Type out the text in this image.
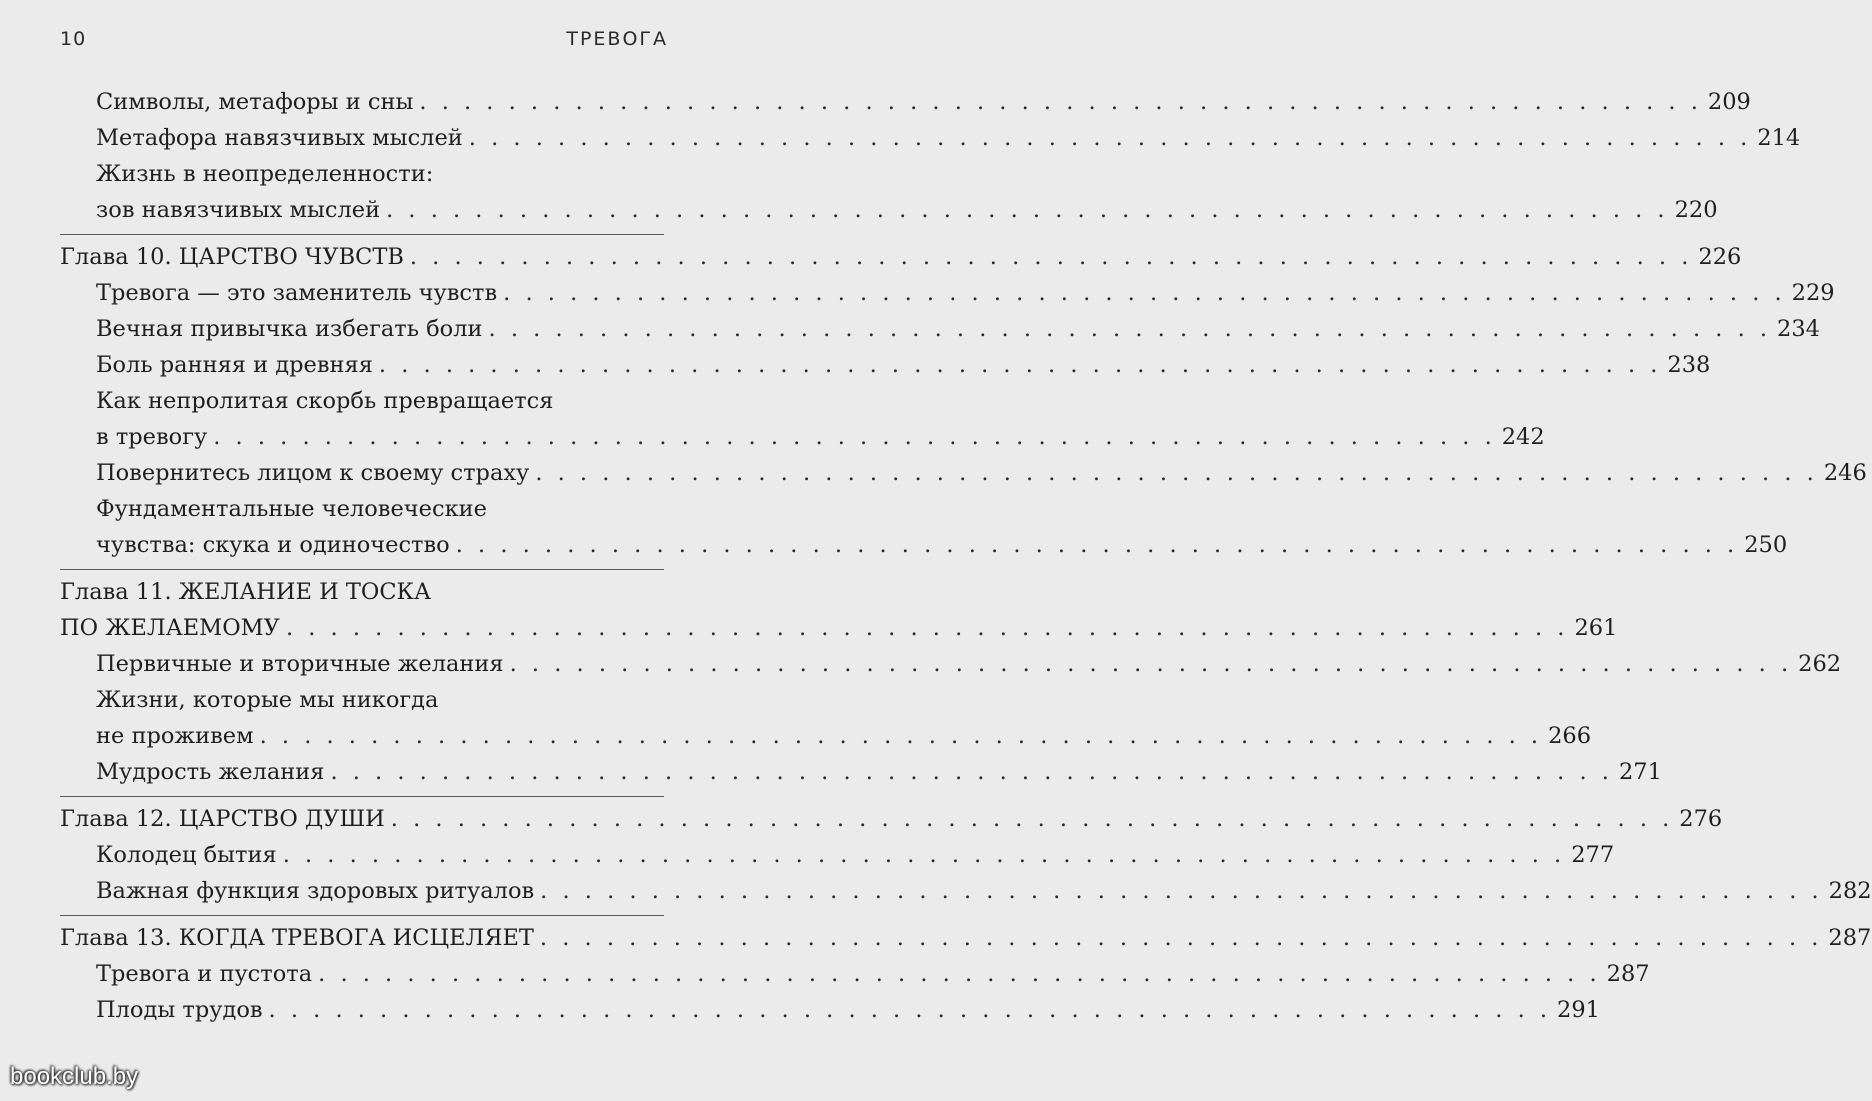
10	ТРЕВОГА
Символы, метафоры и сны . . . . . . . . . . . . . . . . . . . . . . . . . . . . . . . . . . . . . . . . . . . . . . . . . . . . . . . . . . 209
Метафора навязчивых мыслей . . . . . . . . . . . . . . . . . . . . . . . . . . . . . . . . . . . . . . . . . . . . . . . . . . . . . . . . . . 214
Жизнь в неопределенности:
зов навязчивых мыслей . . . . . . . . . . . . . . . . . . . . . . . . . . . . . . . . . . . . . . . . . . . . . . . . . . . . . . . . . . 220
Глава 10. ЦАРСТВО ЧУВСТВ . . . . . . . . . . . . . . . . . . . . . . . . . . . . . . . . . . . . . . . . . . . . . . . . . . . . . . . . . . 226
Тревога — это заменитель чувств . . . . . . . . . . . . . . . . . . . . . . . . . . . . . . . . . . . . . . . . . . . . . . . . . . . . . . . . . . 229
Вечная привычка избегать боли . . . . . . . . . . . . . . . . . . . . . . . . . . . . . . . . . . . . . . . . . . . . . . . . . . . . . . . . . . 234
Боль ранняя и древняя . . . . . . . . . . . . . . . . . . . . . . . . . . . . . . . . . . . . . . . . . . . . . . . . . . . . . . . . . . 238
Как непролитая скорбь превращается
в тревогу . . . . . . . . . . . . . . . . . . . . . . . . . . . . . . . . . . . . . . . . . . . . . . . . . . . . . . . . . . 242
Повернитесь лицом к своему страху . . . . . . . . . . . . . . . . . . . . . . . . . . . . . . . . . . . . . . . . . . . . . . . . . . . . . . . . . . 246
Фундаментальные человеческие
чувства: скука и одиночество . . . . . . . . . . . . . . . . . . . . . . . . . . . . . . . . . . . . . . . . . . . . . . . . . . . . . . . . . . 250
Глава 11. ЖЕЛАНИЕ И ТОСКА
ПО ЖЕЛАЕМОМУ . . . . . . . . . . . . . . . . . . . . . . . . . . . . . . . . . . . . . . . . . . . . . . . . . . . . . . . . . . 261
Первичные и вторичные желания . . . . . . . . . . . . . . . . . . . . . . . . . . . . . . . . . . . . . . . . . . . . . . . . . . . . . . . . . . 262
Жизни, которые мы никогда
не проживем . . . . . . . . . . . . . . . . . . . . . . . . . . . . . . . . . . . . . . . . . . . . . . . . . . . . . . . . . . 266
Мудрость желания . . . . . . . . . . . . . . . . . . . . . . . . . . . . . . . . . . . . . . . . . . . . . . . . . . . . . . . . . . 271
Глава 12. ЦАРСТВО ДУШИ . . . . . . . . . . . . . . . . . . . . . . . . . . . . . . . . . . . . . . . . . . . . . . . . . . . . . . . . . . 276
Колодец бытия . . . . . . . . . . . . . . . . . . . . . . . . . . . . . . . . . . . . . . . . . . . . . . . . . . . . . . . . . . 277
Важная функция здоровых ритуалов . . . . . . . . . . . . . . . . . . . . . . . . . . . . . . . . . . . . . . . . . . . . . . . . . . . . . . . . . . 282
Глава 13. КОГДА ТРЕВОГА ИСЦЕЛЯЕТ . . . . . . . . . . . . . . . . . . . . . . . . . . . . . . . . . . . . . . . . . . . . . . . . . . . . . . . . . . 287
Тревога и пустота . . . . . . . . . . . . . . . . . . . . . . . . . . . . . . . . . . . . . . . . . . . . . . . . . . . . . . . . . . 287
Плоды трудов . . . . . . . . . . . . . . . . . . . . . . . . . . . . . . . . . . . . . . . . . . . . . . . . . . . . . . . . . . 291
bookclub.by
